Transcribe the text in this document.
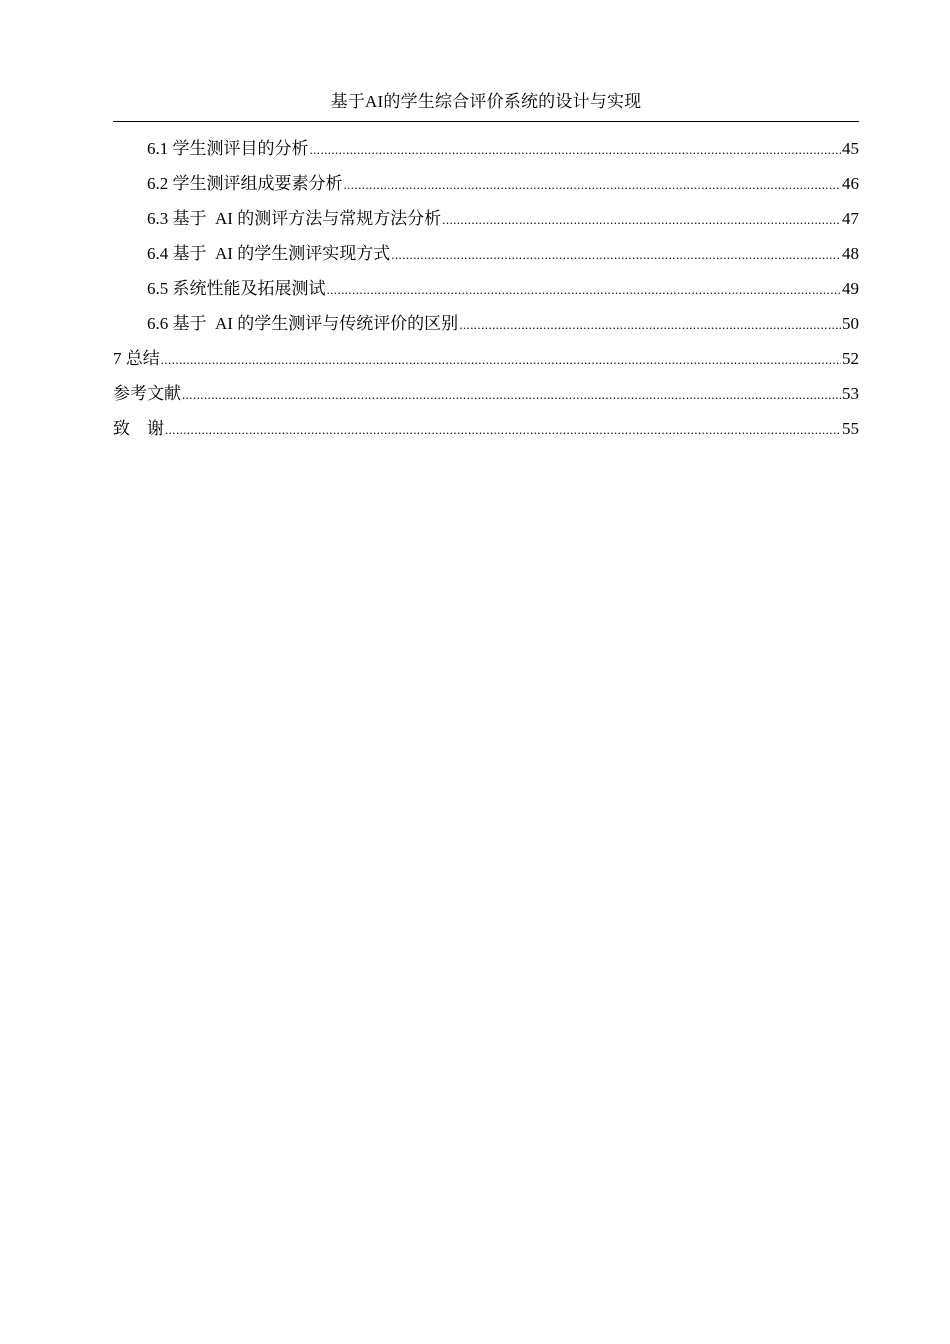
基于AI的学生综合评价系统的设计与实现
6.1 学生测评目的分析 .....	45
6.2 学生测评组成要素分析 .....	46
6.3 基于  AI 的测评方法与常规方法分析 .....	47
6.4 基于  AI 的学生测评实现方式 .....	48
6.5 系统性能及拓展测试 .....	49
6.6 基于  AI 的学生测评与传统评价的区别 .....	50
7 总结 .....	52
参考文献 .....	53
致    谢 .....	55
